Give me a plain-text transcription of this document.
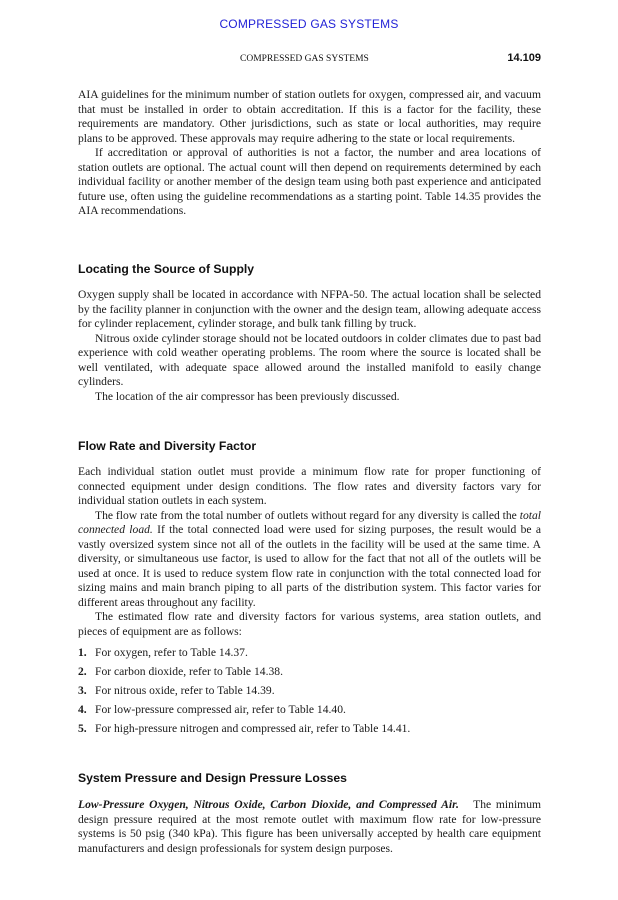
COMPRESSED GAS SYSTEMS
COMPRESSED GAS SYSTEMS	14.109

AIA guidelines for the minimum number of station outlets for oxygen, compressed air, and vacuum that must be installed in order to obtain accreditation. If this is a factor for the facility, these requirements are mandatory. Other jurisdictions, such as state or local authorities, may require plans to be approved. These approvals may require adhering to the state or local requirements.

If accreditation or approval of authorities is not a factor, the number and area locations of station outlets are optional. The actual count will then depend on requirements determined by each individual facility or another member of the design team using both past experience and anticipated future use, often using the guideline recommendations as a starting point. Table 14.35 provides the AIA recommendations.

Locating the Source of Supply

Oxygen supply shall be located in accordance with NFPA-50. The actual location shall be selected by the facility planner in conjunction with the owner and the design team, allowing adequate access for cylinder replacement, cylinder storage, and bulk tank filling by truck.

Nitrous oxide cylinder storage should not be located outdoors in colder climates due to past bad experience with cold weather operating problems. The room where the source is located shall be well ventilated, with adequate space allowed around the installed manifold to easily change cylinders.

The location of the air compressor has been previously discussed.

Flow Rate and Diversity Factor

Each individual station outlet must provide a minimum flow rate for proper functioning of connected equipment under design conditions. The flow rates and diversity factors vary for individual station outlets in each system.

The flow rate from the total number of outlets without regard for any diversity is called the total connected load. If the total connected load were used for sizing purposes, the result would be a vastly oversized system since not all of the outlets in the facility will be used at the same time. A diversity, or simultaneous use factor, is used to allow for the fact that not all of the outlets will be used at once. It is used to reduce system flow rate in conjunction with the total connected load for sizing mains and main branch piping to all parts of the distribution system. This factor varies for different areas throughout any facility.

The estimated flow rate and diversity factors for various systems, area station outlets, and pieces of equipment are as follows:

1. For oxygen, refer to Table 14.37.
2. For carbon dioxide, refer to Table 14.38.
3. For nitrous oxide, refer to Table 14.39.
4. For low-pressure compressed air, refer to Table 14.40.
5. For high-pressure nitrogen and compressed air, refer to Table 14.41.
System Pressure and Design Pressure Losses

Low-Pressure Oxygen, Nitrous Oxide, Carbon Dioxide, and Compressed Air. The minimum design pressure required at the most remote outlet with maximum flow rate for low-pressure systems is 50 psig (340 kPa). This figure has been universally accepted by health care equipment manufacturers and design professionals for system design purposes.
